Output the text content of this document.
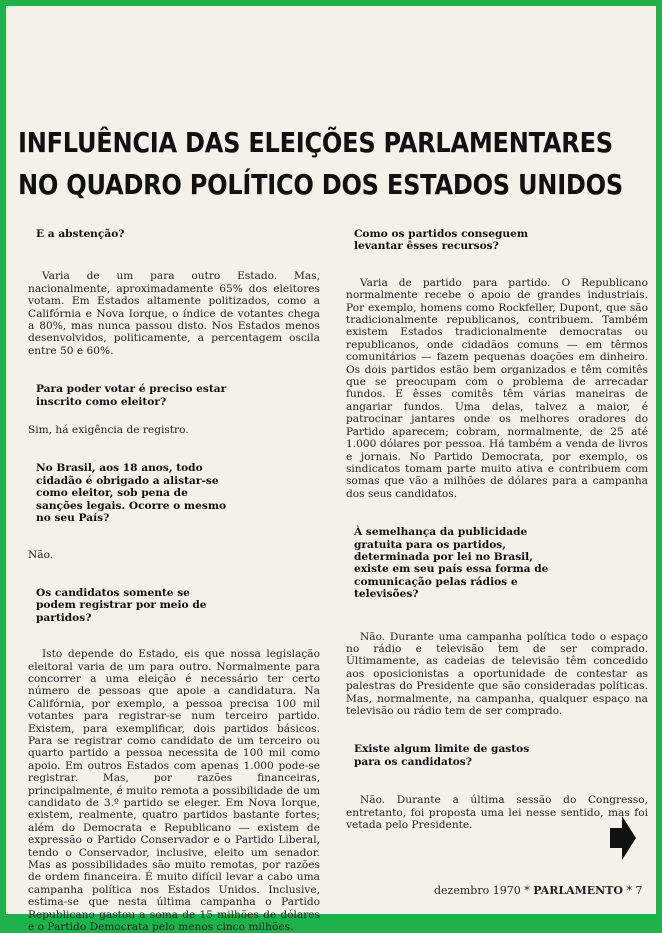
INFLUÊNCIA DAS ELEIÇÕES PARLAMENTARES
NO QUADRO POLÍTICO DOS ESTADOS UNIDOS
E a abstenção?

Varia de um para outro Estado. Mas, nacionalmente, aproximadamente 65% dos eleitores votam. Em Estados altamente politizados, como a Califórnia e Nova Iorque, o índice de votantes chega a 80%, mas nunca passou disto. Nos Estados menos desenvolvidos, politicamente, a percentagem oscila entre 50 e 60%.

Para poder votar é preciso estar inscrito como eleitor?

Sim, há exigência de registro.

No Brasil, aos 18 anos, todo cidadão é obrigado a alistar-se como eleitor, sob pena de sanções legais. Ocorre o mesmo no seu País?

Não.

Os candidatos somente se podem registrar por meio de partidos?

Isto depende do Estado, eis que nossa legislação eleitoral varia de um para outro. Normalmente para concorrer a uma eleição é necessário ter certo número de pessoas que apoie a candidatura. Na Califórnia, por exemplo, a pessoa precisa 100 mil votantes para registrar-se num terceiro partido. Existem, para exemplificar, dois partidos básicos. Para se registrar como candidato de um terceiro ou quarto partido a pessoa necessita de 100 mil como apoio. Em outros Estados com apenas 1.000 pode-se registrar. Mas, por razões financeiras, principalmente, é muito remota a possibilidade de um candidato de 3.º partido se eleger. Em Nova Iorque, existem, realmente, quatro partidos bastante fortes; além do Democrata e Republicano — existem de expressão o Partido Conservador e o Partido Liberal, tendo o Conservador, inclusive, eleito um senador. Mas as possibilidades são muito remotas, por razões de ordem financeira. É muito difícil levar a cabo uma campanha política nos Estados Unidos. Inclusive, estima-se que nesta última campanha o Partido Republicano gastou a soma de 15 milhões de dólares e o Partido Democrata pelo menos cinco milhões.

Como os partidos conseguem levantar êsses recursos?

Varia de partido para partido. O Republicano normalmente recebe o apoio de grandes industriais. Por exemplo, homens como Rockfeller, Dupont, que são tradicionalmente republicanos, contribuem. Também existem Estados tradicionalmente democratas ou republicanos, onde cidadãos comuns — em têrmos comunitários — fazem pequenas doações em dinheiro. Os dois partidos estão bem organizados e têm comitês que se preocupam com o problema de arrecadar fundos. E êsses comitês têm várias maneiras de angariar fundos. Uma delas, talvez a maior, é patrocinar jantares onde os melhores oradores do Partido aparecem; cobram, normalmente, de 25 até 1.000 dólares por pessoa. Há também a venda de livros e jornais. No Partido Democrata, por exemplo, os sindicatos tomam parte muito ativa e contribuem com somas que vão a milhões de dólares para a campanha dos seus candidatos.

À semelhança da publicidade gratuita para os partidos, determinada por lei no Brasil, existe em seu país essa forma de comunicação pelas rádios e televisões?

Não. Durante uma campanha política todo o espaço no rádio e televisão tem de ser comprado. Últimamente, as cadeias de televisão têm concedido aos oposicionistas a oportunidade de contestar as palestras do Presidente que são consideradas políticas. Mas, normalmente, na campanha, qualquer espaço na televisão ou rádio tem de ser comprado.

Existe algum limite de gastos para os candidatos?

Não. Durante a última sessão do Congresso, entretanto, foi proposta uma lei nesse sentido, mas foi vetada pelo Presidente.

dezembro 1970 * PARLAMENTO * 7
